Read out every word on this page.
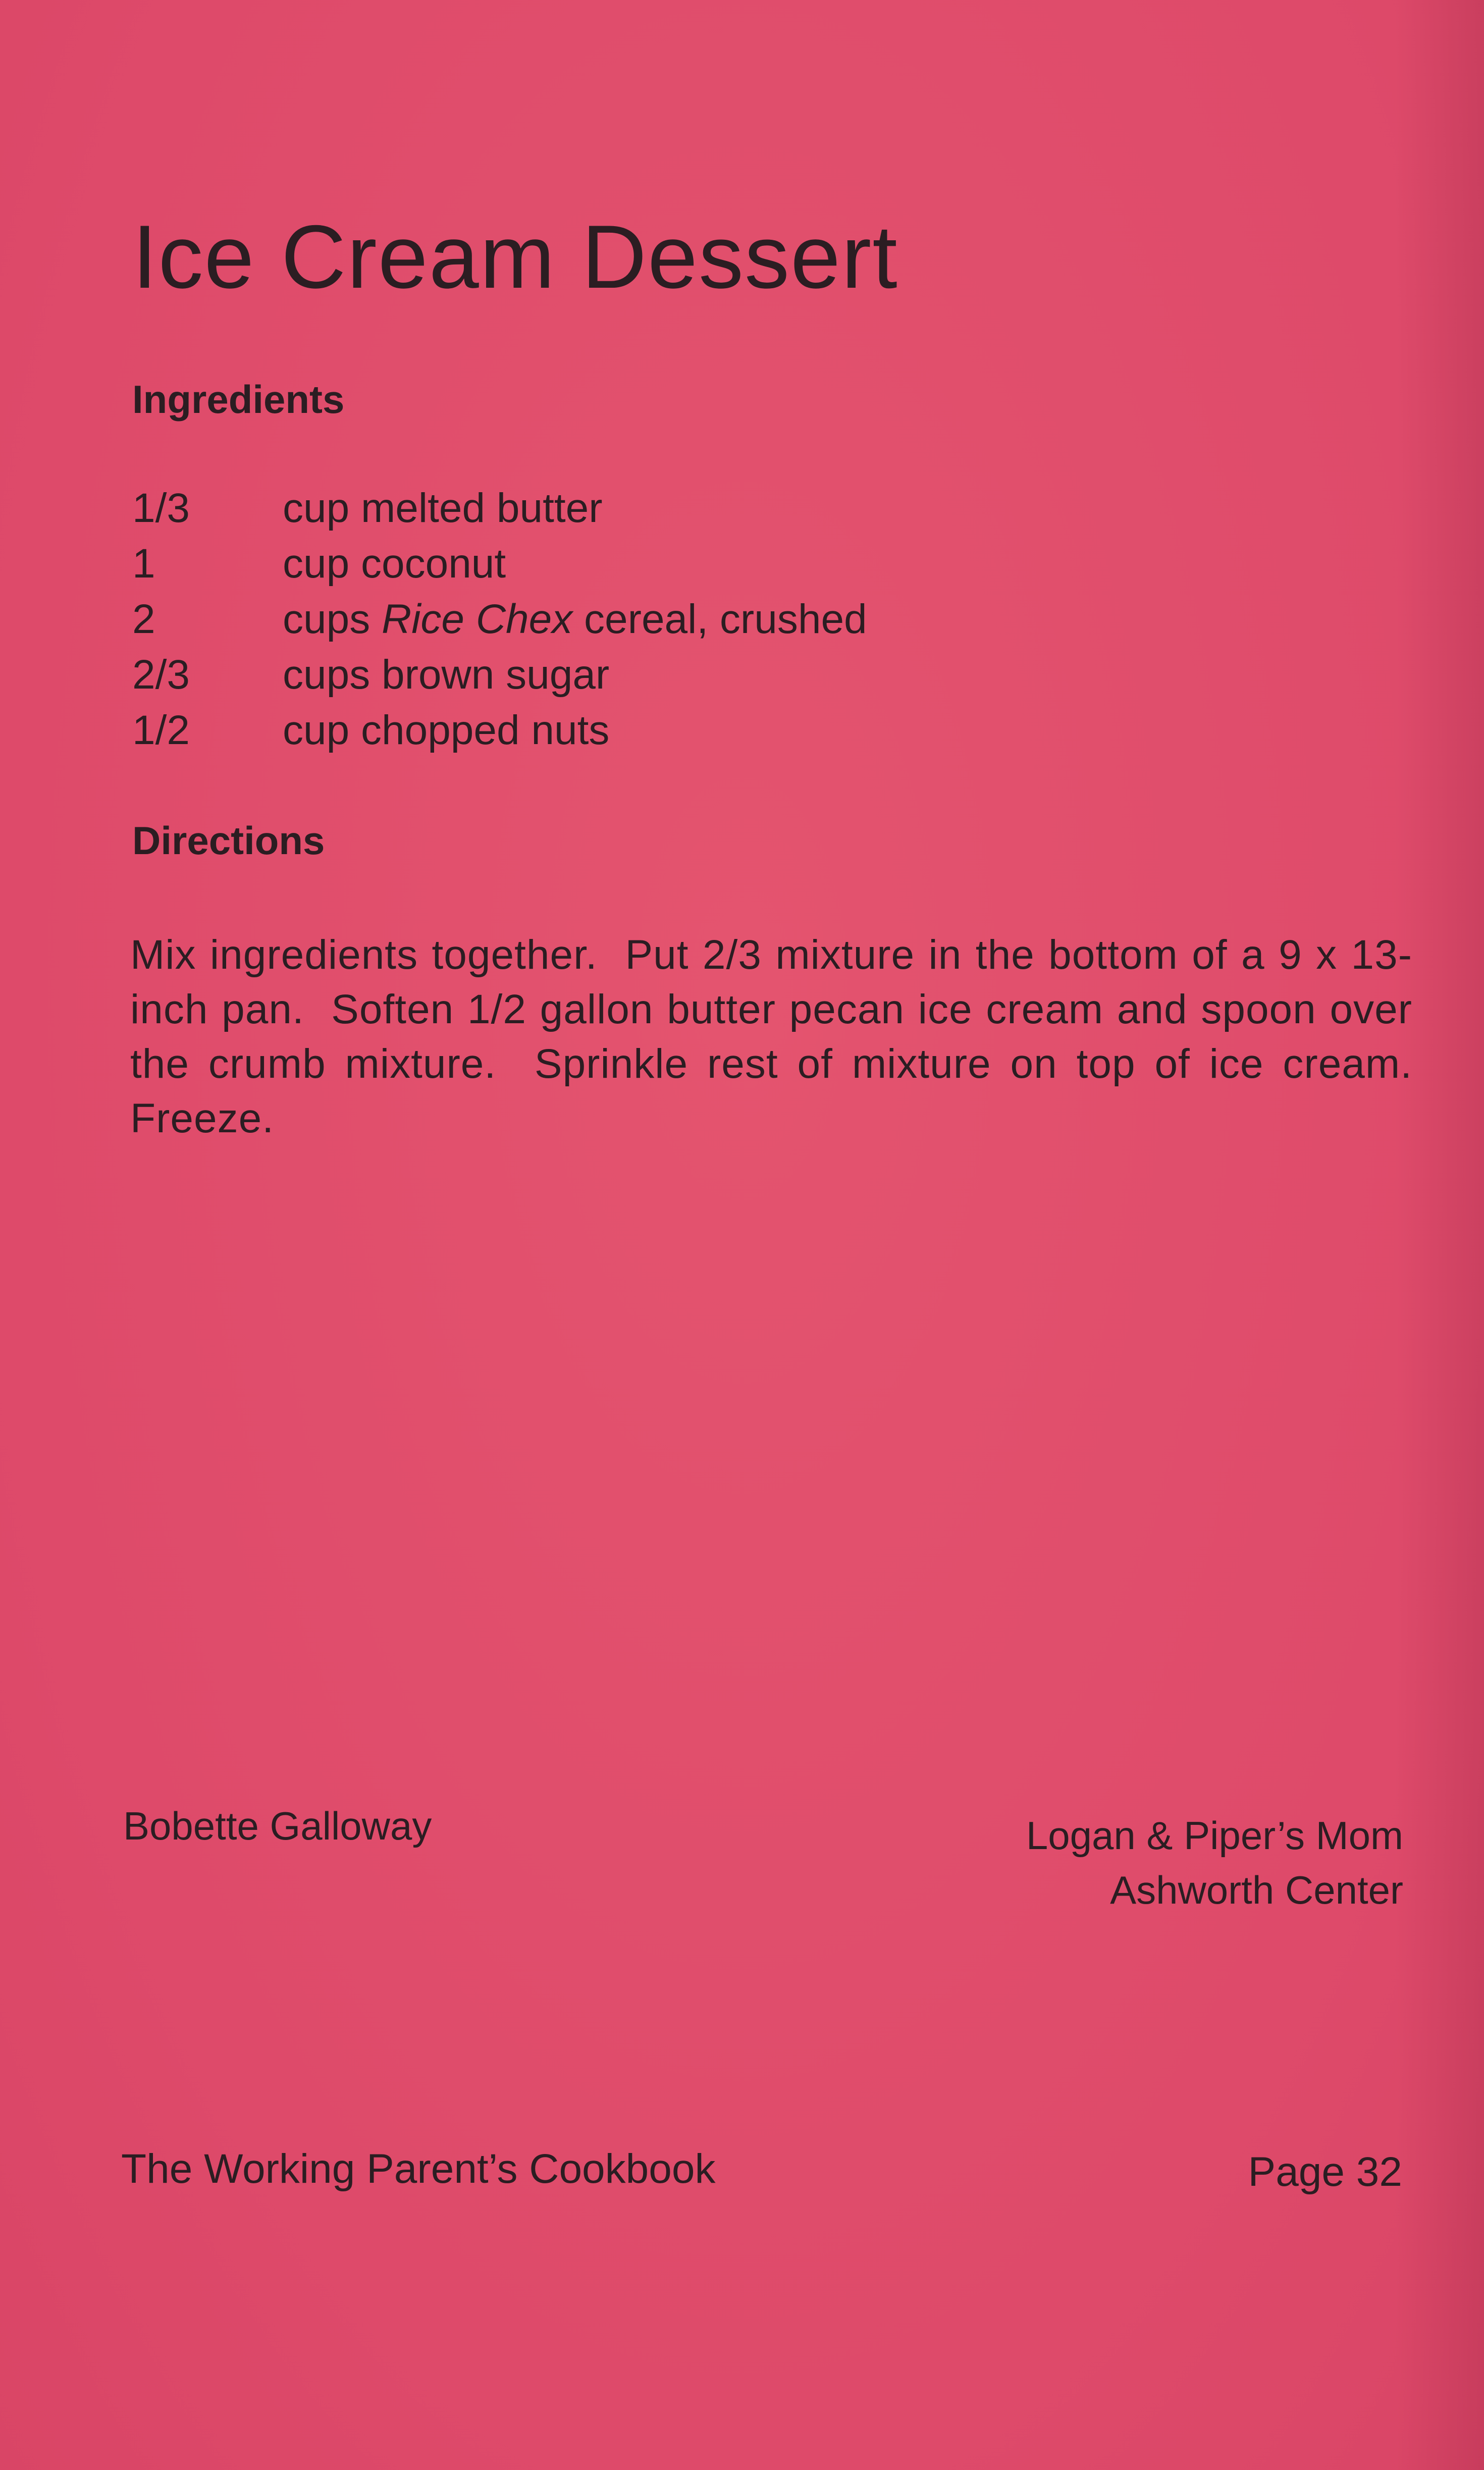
Ice Cream Dessert
Ingredients
1/3 cup melted butter
1	cup coconut
2	cups Rice Chex cereal, crushed
2/3 cups brown sugar
1/2 cup chopped nuts
Directions

Mix ingredients together.  Put 2/3 mixture in the bottom of a 9 x 13-inch pan.  Soften 1/2 gallon butter pecan ice cream and spoon over the crumb mixture.  Sprinkle rest of mixture on top of ice cream.  Freeze.

Bobette Galloway	Logan & Piper’s Mom
Ashworth Center
The Working Parent’s Cookbook	Page 32
